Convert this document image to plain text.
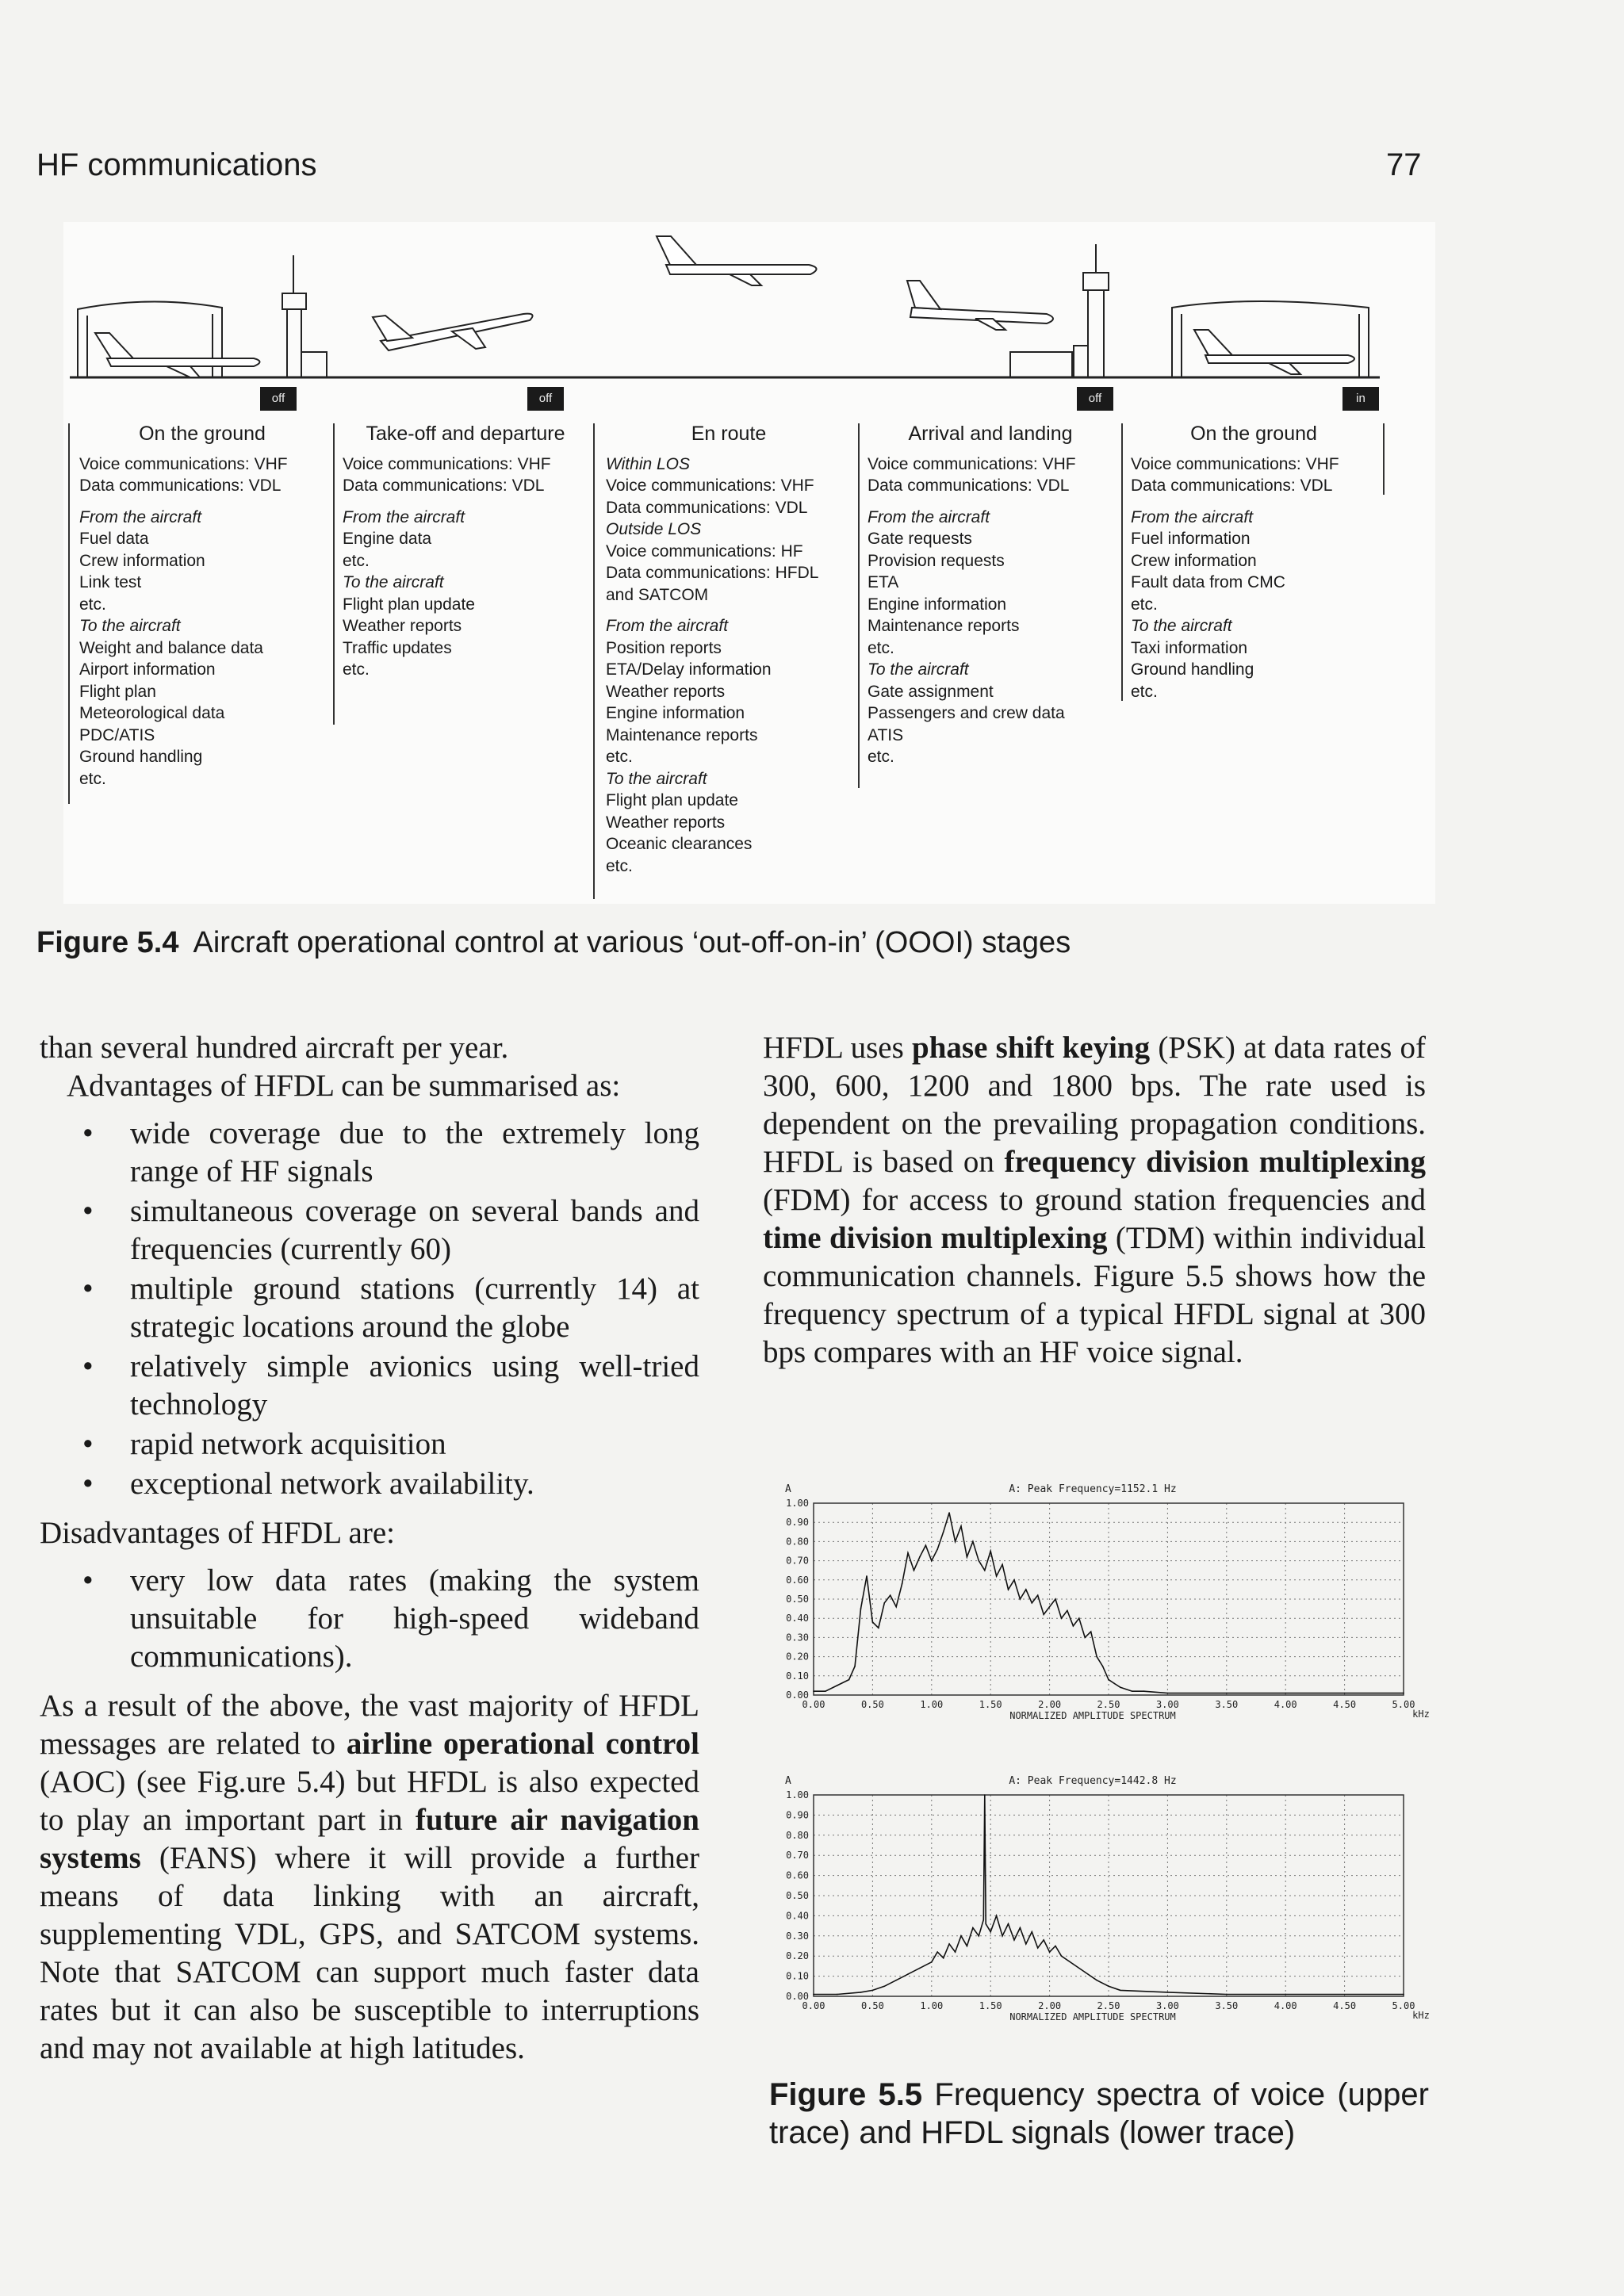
HF communications	77
off	off	off	in
On the ground
Voice communications: VHF
Data communications: VDL
From the aircraft
Fuel data
Crew information
Link test
etc.
To the aircraft
Weight and balance data
Airport information
Flight plan
Meteorological data
PDC/ATIS
Ground handling
etc.
Take-off and departure
Voice communications: VHF
Data communications: VDL
From the aircraft
Engine data
etc.
To the aircraft
Flight plan update
Weather reports
Traffic updates
etc.
En route
Within LOS
Voice communications: VHF
Data communications: VDL
Outside LOS
Voice communications: HF
Data communications: HFDL
and SATCOM
From the aircraft
Position reports
ETA/Delay information
Weather reports
Engine information
Maintenance reports
etc.
To the aircraft
Flight plan update
Weather reports
Oceanic clearances
etc.
Arrival and landing
Voice communications: VHF
Data communications: VDL
From the aircraft
Gate requests
Provision requests
ETA
Engine information
Maintenance reports
etc.
To the aircraft
Gate assignment
Passengers and crew data
ATIS
etc.
On the ground
Voice communications: VHF
Data communications: VDL
From the aircraft
Fuel information
Crew information
Fault data from CMC
etc.
To the aircraft
Taxi information
Ground handling
etc.
Figure 5.4 Aircraft operational control at various ‘out-off-on-in’ (OOOI) stages
than several hundred aircraft per year.
Advantages of HFDL can be summarised as:
• wide coverage due to the extremely long range of HF signals
• simultaneous coverage on several bands and frequencies (currently 60)
• multiple ground stations (currently 14) at strategic locations around the globe
• relatively simple avionics using well-tried technology
• rapid network acquisition
• exceptional network availability.
Disadvantages of HFDL are:
• very low data rates (making the system unsuitable for high-speed wideband communications).
As a result of the above, the vast majority of HFDL messages are related to airline operational control (AOC) (see Fig.ure 5.4) but HFDL is also expected to play an important part in future air navigation systems (FANS) where it will provide a further means of data linking with an aircraft, supplementing VDL, GPS, and SATCOM systems. Note that SATCOM can support much faster data rates but it can also be susceptible to interruptions and may not available at high latitudes.
HFDL uses phase shift keying (PSK) at data rates of 300, 600, 1200 and 1800 bps. The rate used is dependent on the prevailing propagation conditions. HFDL is based on frequency division multiplexing (FDM) for access to ground station frequencies and time division multiplexing (TDM) within individual communication channels. Figure 5.5 shows how the frequency spectrum of a typical HFDL signal at 300 bps compares with an HF voice signal.
A: Peak Frequency=1152.1 Hz
A
0.00
0.10
0.20
0.30
0.40
0.50
0.60
0.70
0.80
0.90
1.00
0.00	0.50	1.00	1.50	2.00	2.50	3.00	3.50	4.00	4.50	5.00
NORMALIZED AMPLITUDE SPECTRUM	kHz
A: Peak Frequency=1442.8 Hz
A
0.00
0.10
0.20
0.30
0.40
0.50
0.60
0.70
0.80
0.90
1.00
0.00	0.50	1.00	1.50	2.00	2.50	3.00	3.50	4.00	4.50	5.00
NORMALIZED AMPLITUDE SPECTRUM	kHz
Figure 5.5 Frequency spectra of voice (upper trace) and HFDL signals (lower trace)
